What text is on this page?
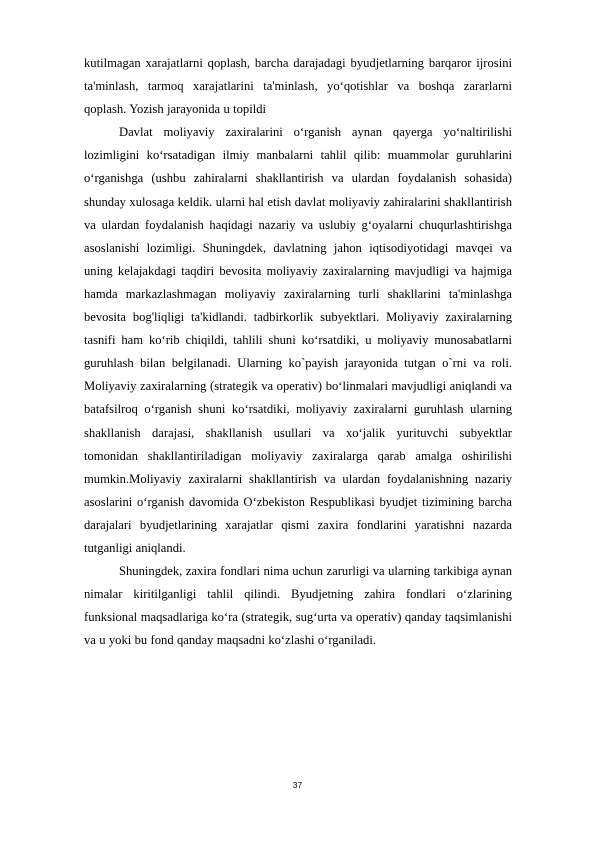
kutilmagan xarajatlarni qoplash, barcha darajadagi byudjetlarning barqaror ijrosini ta'minlash, tarmoq xarajatlarini ta'minlash, yo‘qotishlar va boshqa zararlarni qoplash. Yozish jarayonida u topildi

Davlat moliyaviy zaxiralarini o‘rganish aynan qayerga yo‘naltirilishi lozimligini ko‘rsatadigan ilmiy manbalarni tahlil qilib: muammolar guruhlarini o‘rganishga (ushbu zahiralarni shakllantirish va ulardan foydalanish sohasida) shunday xulosaga keldik. ularni hal etish davlat moliyaviy zahiralarini shakllantirish va ulardan foydalanish haqidagi nazariy va uslubiy g‘oyalarni chuqurlashtirishga asoslanishi lozimligi. Shuningdek, davlatning jahon iqtisodiyotidagi mavqei va uning kelajakdagi taqdiri bevosita moliyaviy zaxiralarning mavjudligi va hajmiga hamda markazlashmagan moliyaviy zaxiralarning turli shakllarini ta'minlashga bevosita bog'liqligi ta'kidlandi. tadbirkorlik subyektlari. Moliyaviy zaxiralarning tasnifi ham ko‘rib chiqildi, tahlili shuni ko‘rsatdiki, u moliyaviy munosabatlarni guruhlash bilan belgilanadi. Ularning ko`payish jarayonida tutgan o`rni va roli. Moliyaviy zaxiralarning (strategik va operativ) bo‘linmalari mavjudligi aniqlandi va batafsilroq o‘rganish shuni ko‘rsatdiki, moliyaviy zaxiralarni guruhlash ularning shakllanish darajasi, shakllanish usullari va xo‘jalik yurituvchi subyektlar tomonidan shakllantiriladigan moliyaviy zaxiralarga qarab amalga oshirilishi mumkin.Moliyaviy zaxiralarni shakllantirish va ulardan foydalanishning nazariy asoslarini o‘rganish davomida O‘zbekiston Respublikasi byudjet tizimining barcha darajalari byudjetlarining xarajatlar qismi zaxira fondlarini yaratishni nazarda tutganligi aniqlandi.

Shuningdek, zaxira fondlari nima uchun zarurligi va ularning tarkibiga aynan nimalar kiritilganligi tahlil qilindi. Byudjetning zahira fondlari o‘zlarining funksional maqsadlariga ko‘ra (strategik, sug‘urta va operativ) qanday taqsimlanishi va u yoki bu fond qanday maqsadni ko‘zlashi o‘rganiladi.

37
